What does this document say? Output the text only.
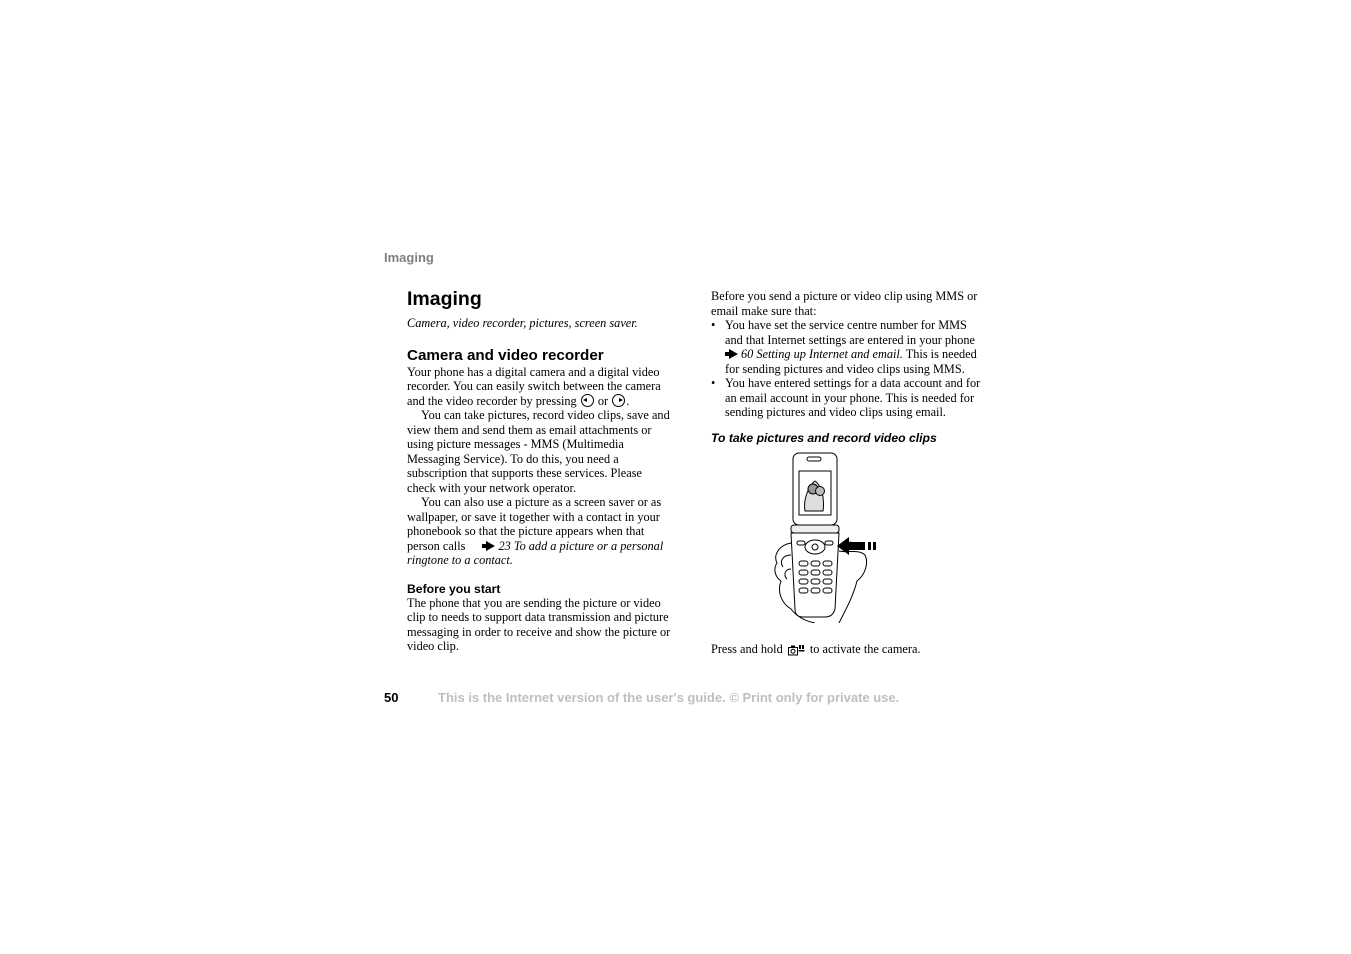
Imaging
Imaging

Camera, video recorder, pictures, screen saver.

Camera and video recorder

Your phone has a digital camera and a digital video recorder. You can easily switch between the camera and the video recorder by pressing or .

You can take pictures, record video clips, save and view them and send them as email attachments or using picture messages - MMS (Multimedia Messaging Service). To do this, you need a subscription that supports these services. Please check with your network operator.

You can also use a picture as a screen saver or as wallpaper, or save it together with a contact in your phonebook so that the picture appears when that person calls	23 To add a picture or a personal ringtone to a contact.

Before you start

The phone that you are sending the picture or video clip to needs to support data transmission and picture messaging in order to receive and show the picture or video clip.

Before you send a picture or video clip using MMS or email make sure that:

• You have set the service centre number for MMS and that Internet settings are entered in your phone 60 Setting up Internet and email. This is needed for sending pictures and video clips using MMS.
• You have entered settings for a data account and for an email account in your phone. This is needed for sending pictures and video clips using email.
To take pictures and record video clips

Press and hold to activate the camera.

50	This is the Internet version of the user's guide. © Print only for private use.
